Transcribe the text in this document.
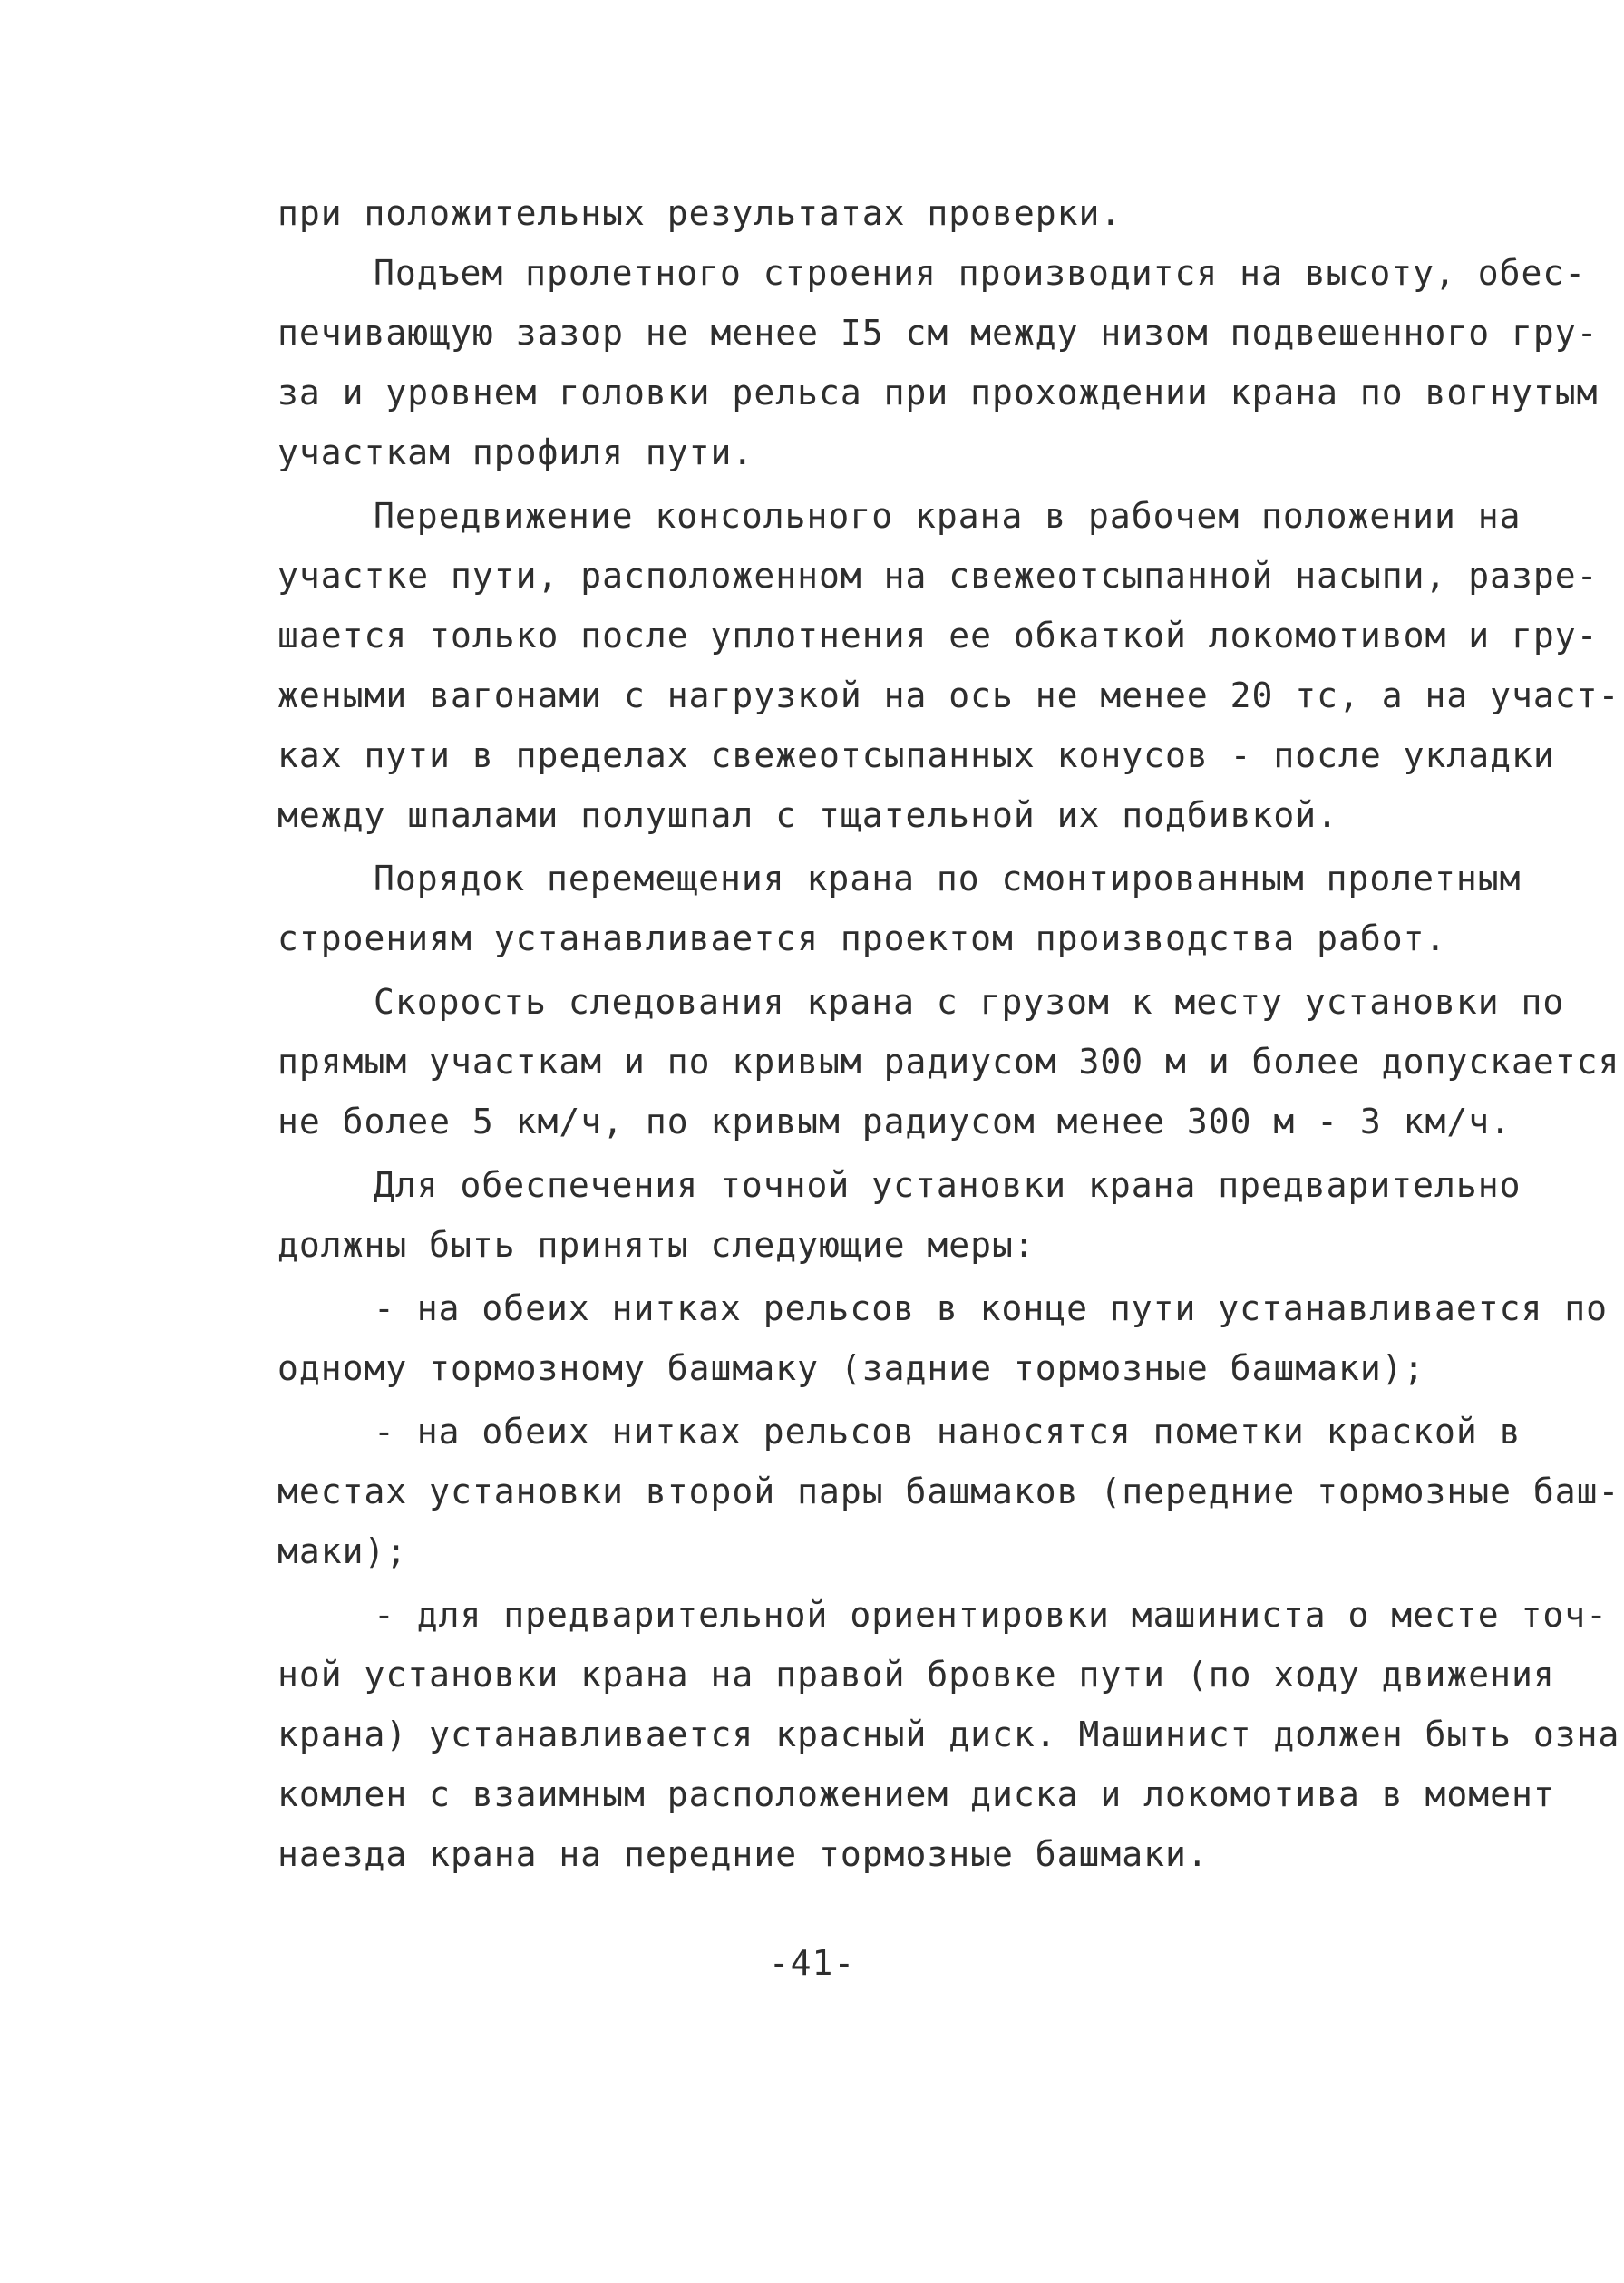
при положительных результатах проверки.
Подъем пролетного строения производится на высоту, обес-
печивающую зазор не менее I5 см между низом подвешенного гру-
за и уровнем головки рельса при прохождении крана по вогнутым
участкам профиля пути.
Передвижение консольного крана в рабочем положении на
участке пути, расположенном на свежеотсыпанной насыпи, разре-
шается только после уплотнения ее обкаткой локомотивом и гру-
жеными вагонами с нагрузкой на ось не менее 20 тс, а на участ-
ках пути в пределах свежеотсыпанных конусов - после укладки
между шпалами полушпал с тщательной их подбивкой.
Порядок перемещения крана по смонтированным пролетным
строениям устанавливается проектом производства работ.
Скорость следования крана с грузом к месту установки по
прямым участкам и по кривым радиусом 300 м и более допускается
не более 5 км/ч, по кривым радиусом менее 300 м - 3 км/ч.
Для обеспечения точной установки крана предварительно
должны быть приняты следующие меры:
- на обеих нитках рельсов в конце пути устанавливается по
одному тормозному башмаку (задние тормозные башмаки);
- на обеих нитках рельсов наносятся пометки краской в
местах установки второй пары башмаков (передние тормозные баш-
маки);
- для предварительной ориентировки машиниста о месте точ-
ной установки крана на правой бровке пути (по ходу движения
крана) устанавливается красный диск. Машинист должен быть озна
комлен с взаимным расположением диска и локомотива в момент
наезда крана на передние тормозные башмаки.
-41-
